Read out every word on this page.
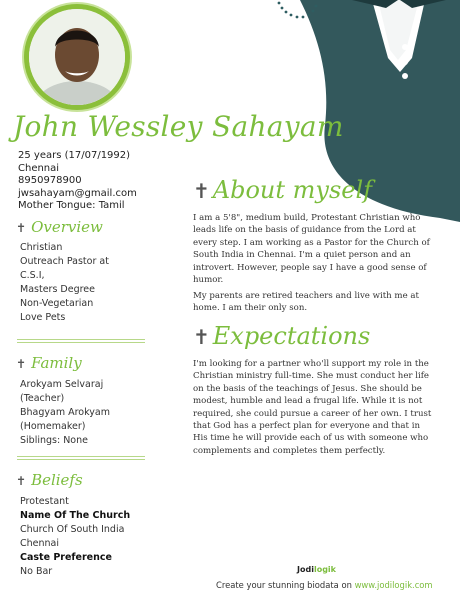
John Wessley Sahayam
25 years (17/07/1992)
Chennai
8950978900
jwsahayam@gmail.com
Mother Tongue: Tamil
✝ Overview
Christian
Outreach Pastor at
C.S.I,
Masters Degree
Non-Vegetarian
Love Pets
✝ Family
Arokyam Selvaraj
(Teacher)
Bhagyam Arokyam
(Homemaker)
Siblings: None
✝ Beliefs
Protestant
Name Of The Church
Church Of South India
Chennai
Caste Preference
No Bar
✝ About myself
I am a 5'8", medium build, Protestant Christian who leads life on the basis of guidance from the Lord at every step. I am working as a Pastor for the Church of South India in Chennai. I'm a quiet person and an introvert. However, people say I have a good sense of humor.
My parents are retired teachers and live with me at home. I am their only son.
✝ Expectations
I'm looking for a partner who'll support my role in the Christian ministry full-time. She must conduct her life on the basis of the teachings of Jesus. She should be modest, humble and lead a frugal life. While it is not required, she could pursue a career of her own. I trust that God has a perfect plan for everyone and that in His time he will provide each of us with someone who complements and completes them perfectly.
Jodilogik
Create your stunning biodata on www.jodilogik.com
